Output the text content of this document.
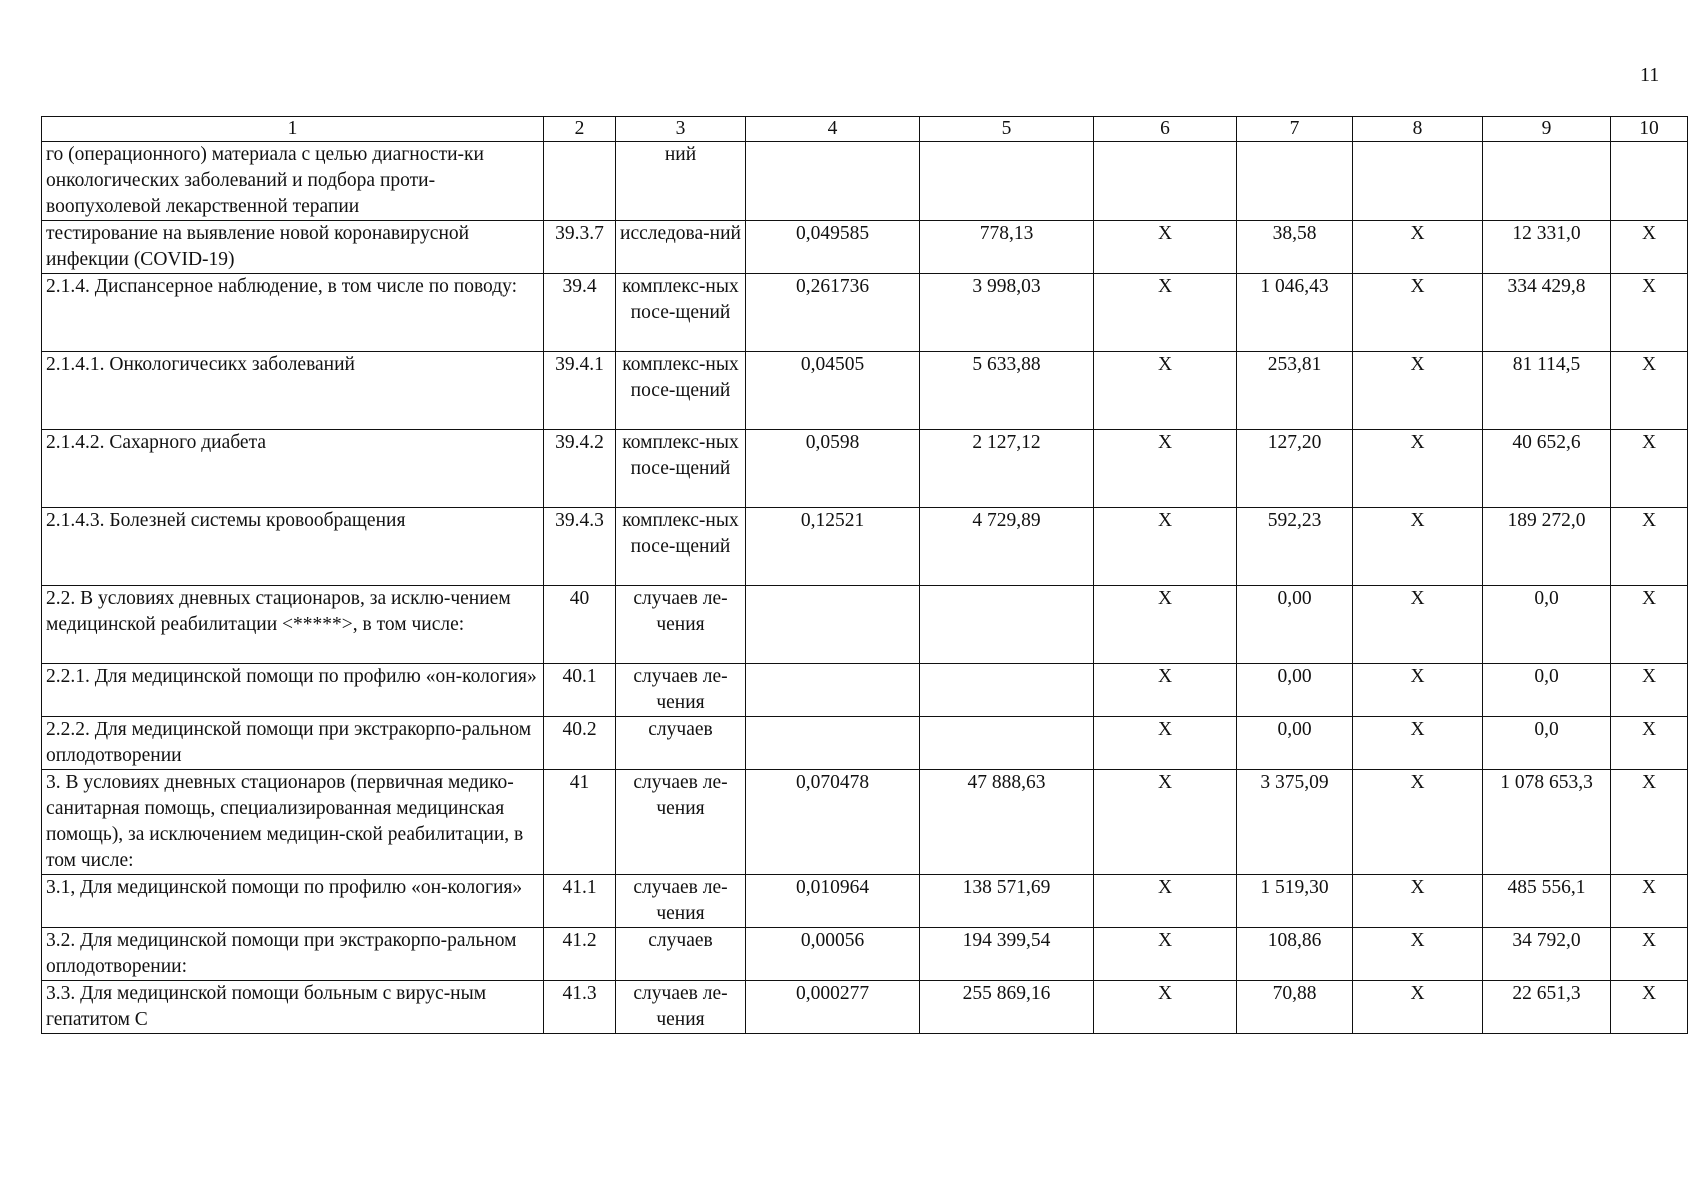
11
1	2	3	4	5	6	7	8	9	10
го (операционного) материала с целью диагности-ки онкологических заболеваний и подбора проти-воопухолевой лекарственной терапии		ний							
тестирование на выявление новой коронавирусной инфекции (COVID-19)	39.3.7	исследова-ний	0,049585	778,13	Х	38,58	Х	12 331,0	Х
2.1.4. Диспансерное наблюдение, в том числе по поводу:	39.4	комплекс-ных посе-щений	0,261736	3 998,03	Х	1 046,43	Х	334 429,8	Х
2.1.4.1. Онкологичесикх заболеваний	39.4.1	комплекс-ных посе-щений	0,04505	5 633,88	Х	253,81	Х	81 114,5	Х
2.1.4.2. Сахарного диабета	39.4.2	комплекс-ных посе-щений	0,0598	2 127,12	Х	127,20	Х	40 652,6	Х
2.1.4.3. Болезней системы кровообращения	39.4.3	комплекс-ных посе-щений	0,12521	4 729,89	Х	592,23	Х	189 272,0	Х
2.2. В условиях дневных стационаров, за исклю-чением медицинской реабилитации <*****>, в том числе:	40	случаев ле-чения			Х	0,00	Х	0,0	Х
2.2.1. Для медицинской помощи по профилю «он-кология»	40.1	случаев ле-чения			Х	0,00	Х	0,0	Х
2.2.2. Для медицинской помощи при экстракорпо-ральном оплодотворении	40.2	случаев			Х	0,00	Х	0,0	Х
3. В условиях дневных стационаров (первичная медико-санитарная помощь, специализированная медицинская помощь), за исключением медицин-ской реабилитации, в том числе:	41	случаев ле-чения	0,070478	47 888,63	Х	3 375,09	Х	1 078 653,3	Х
3.1, Для медицинской помощи по профилю «он-кология»	41.1	случаев ле-чения	0,010964	138 571,69	Х	1 519,30	Х	485 556,1	Х
3.2. Для медицинской помощи при экстракорпо-ральном оплодотворении:	41.2	случаев	0,00056	194 399,54	Х	108,86	Х	34 792,0	Х
3.3. Для медицинской помощи больным с вирус-ным гепатитом С	41.3	случаев ле-чения	0,000277	255 869,16	Х	70,88	Х	22 651,3	Х
